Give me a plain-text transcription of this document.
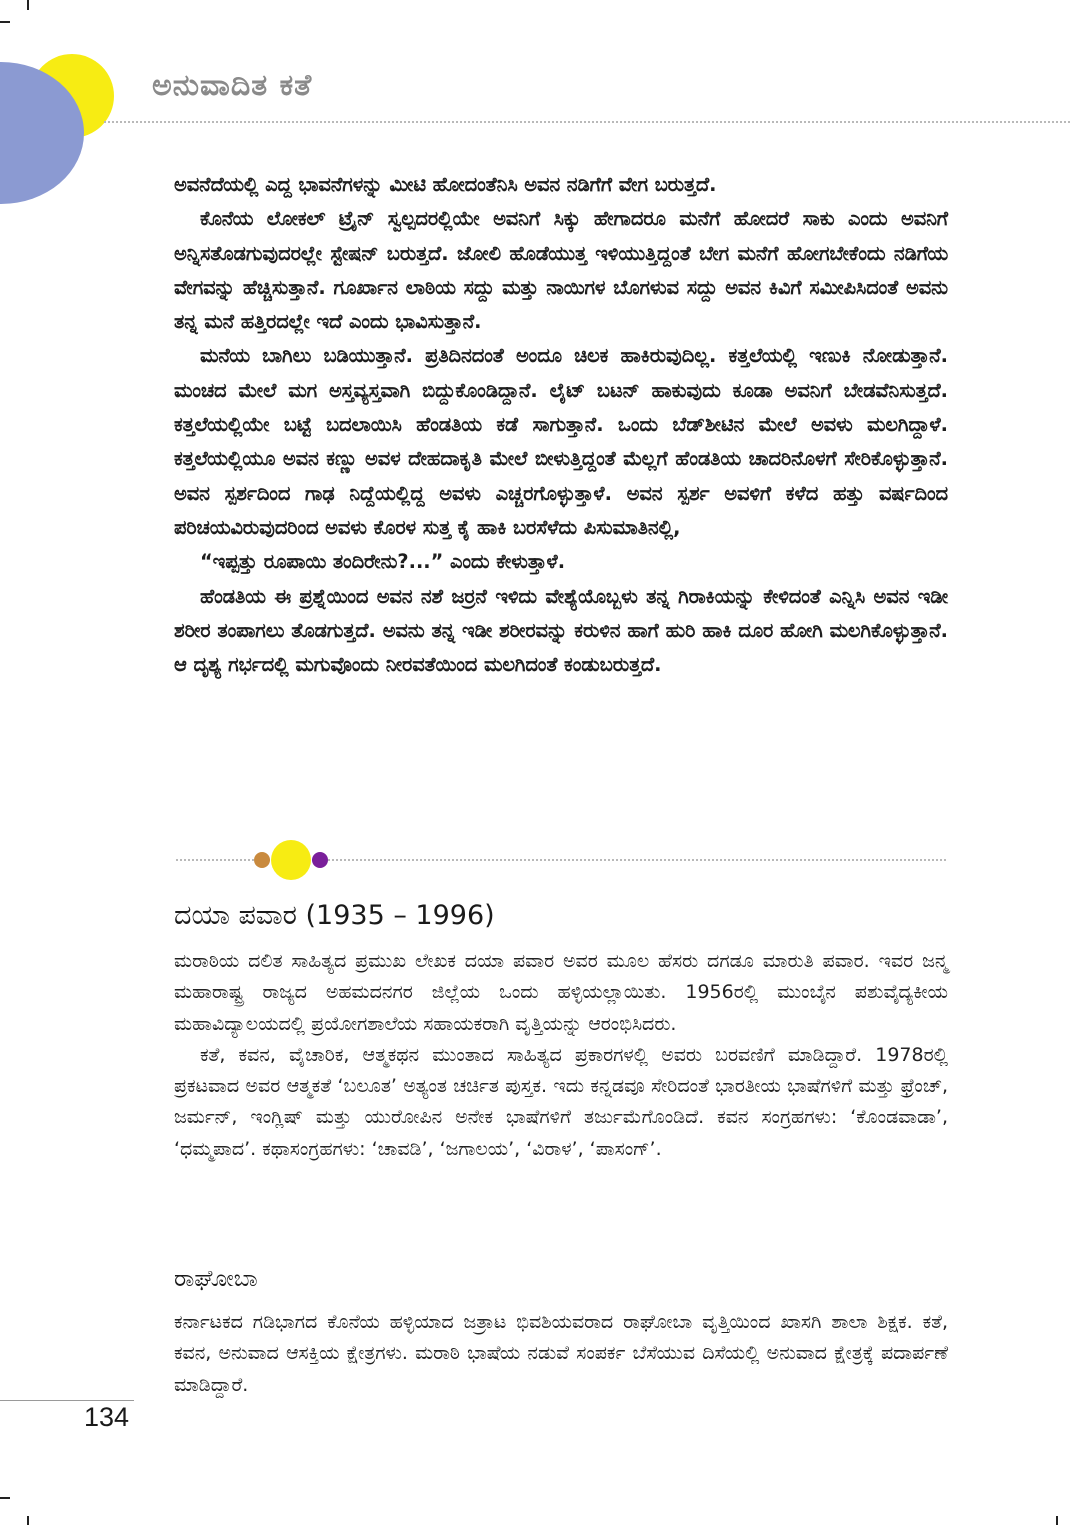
ಅನುವಾದಿತ ಕತೆ

ಅವನೆದೆಯಲ್ಲಿ ಎದ್ದ ಭಾವನೆಗಳನ್ನು ಮೀಟಿ ಹೋದಂತೆನಿಸಿ ಅವನ ನಡಿಗೆಗೆ ವೇಗ ಬರುತ್ತದೆ.

ಕೊನೆಯ ಲೋಕಲ್ ಟ್ರೈನ್ ಸ್ವಲ್ಪದರಲ್ಲಿಯೇ ಅವನಿಗೆ ಸಿಕ್ಕು ಹೇಗಾದರೂ ಮನೆಗೆ ಹೋದರೆ ಸಾಕು ಎಂದು ಅವನಿಗೆ ಅನ್ನಿಸತೊಡಗುವುದರಲ್ಲೇ ಸ್ಟೇಷನ್ ಬರುತ್ತದೆ. ಜೋಲಿ ಹೊಡೆಯುತ್ತ ಇಳಿಯುತ್ತಿದ್ದಂತೆ ಬೇಗ ಮನೆಗೆ ಹೋಗಬೇಕೆಂದು ನಡಿಗೆಯ ವೇಗವನ್ನು ಹೆಚ್ಚಿಸುತ್ತಾನೆ. ಗೂರ್ಖಾನ ಲಾಠಿಯ ಸದ್ದು ಮತ್ತು ನಾಯಿಗಳ ಬೊಗಳುವ ಸದ್ದು ಅವನ ಕಿವಿಗೆ ಸಮೀಪಿಸಿದಂತೆ ಅವನು ತನ್ನ ಮನೆ ಹತ್ತಿರದಲ್ಲೇ ಇದೆ ಎಂದು ಭಾವಿಸುತ್ತಾನೆ.

ಮನೆಯ ಬಾಗಿಲು ಬಡಿಯುತ್ತಾನೆ. ಪ್ರತಿದಿನದಂತೆ ಅಂದೂ ಚಿಲಕ ಹಾಕಿರುವುದಿಲ್ಲ. ಕತ್ತಲೆಯಲ್ಲಿ ಇಣುಕಿ ನೋಡುತ್ತಾನೆ. ಮಂಚದ ಮೇಲೆ ಮಗ ಅಸ್ತವ್ಯಸ್ತವಾಗಿ ಬಿದ್ದುಕೊಂಡಿದ್ದಾನೆ. ಲೈಟ್ ಬಟನ್ ಹಾಕುವುದು ಕೂಡಾ ಅವನಿಗೆ ಬೇಡವೆನಿಸುತ್ತದೆ. ಕತ್ತಲೆಯಲ್ಲಿಯೇ ಬಟ್ಟೆ ಬದಲಾಯಿಸಿ ಹೆಂಡತಿಯ ಕಡೆ ಸಾಗುತ್ತಾನೆ. ಒಂದು ಬೆಡ್‌ಶೀಟಿನ ಮೇಲೆ ಅವಳು ಮಲಗಿದ್ದಾಳೆ. ಕತ್ತಲೆಯಲ್ಲಿಯೂ ಅವನ ಕಣ್ಣು ಅವಳ ದೇಹದಾಕೃತಿ ಮೇಲೆ ಬೀಳುತ್ತಿದ್ದಂತೆ ಮೆಲ್ಲಗೆ ಹೆಂಡತಿಯ ಚಾದರಿನೊಳಗೆ ಸೇರಿಕೊಳ್ಳುತ್ತಾನೆ. ಅವನ ಸ್ಪರ್ಶದಿಂದ ಗಾಢ ನಿದ್ದೆಯಲ್ಲಿದ್ದ ಅವಳು ಎಚ್ಚರಗೊಳ್ಳುತ್ತಾಳೆ. ಅವನ ಸ್ಪರ್ಶ ಅವಳಿಗೆ ಕಳೆದ ಹತ್ತು ವರ್ಷದಿಂದ ಪರಿಚಯವಿರುವುದರಿಂದ ಅವಳು ಕೊರಳ ಸುತ್ತ ಕೈ ಹಾಕಿ ಬರಸೆಳೆದು ಪಿಸುಮಾತಿನಲ್ಲಿ,

“ಇಪ್ಪತ್ತು ರೂಪಾಯಿ ತಂದಿರೇನು?...” ಎಂದು ಕೇಳುತ್ತಾಳೆ.

ಹೆಂಡತಿಯ ಈ ಪ್ರಶ್ನೆಯಿಂದ ಅವನ ನಶೆ ಜರ್‍ರನೆ ಇಳಿದು ವೇಶ್ಯೆಯೊಬ್ಬಳು ತನ್ನ ಗಿರಾಕಿಯನ್ನು ಕೇಳಿದಂತೆ ಎನ್ನಿಸಿ ಅವನ ಇಡೀ ಶರೀರ ತಂಪಾಗಲು ತೊಡಗುತ್ತದೆ. ಅವನು ತನ್ನ ಇಡೀ ಶರೀರವನ್ನು ಕರುಳಿನ ಹಾಗೆ ಹುರಿ ಹಾಕಿ ದೂರ ಹೋಗಿ ಮಲಗಿಕೊಳ್ಳುತ್ತಾನೆ. ಆ ದೃಶ್ಯ ಗರ್ಭದಲ್ಲಿ ಮಗುವೊಂದು ನೀರವತೆಯಿಂದ ಮಲಗಿದಂತೆ ಕಂಡುಬರುತ್ತದೆ.

ದಯಾ ಪವಾರ (1935 – 1996)

ಮರಾಠಿಯ ದಲಿತ ಸಾಹಿತ್ಯದ ಪ್ರಮುಖ ಲೇಖಕ ದಯಾ ಪವಾರ ಅವರ ಮೂಲ ಹೆಸರು ದಗಡೂ ಮಾರುತಿ ಪವಾರ. ಇವರ ಜನ್ಮ ಮಹಾರಾಷ್ಟ್ರ ರಾಜ್ಯದ ಅಹಮದನಗರ ಜಿಲ್ಲೆಯ ಒಂದು ಹಳ್ಳಿಯಲ್ಲಾಯಿತು. 1956ರಲ್ಲಿ ಮುಂಬೈನ ಪಶುವೈದ್ಯಕೀಯ ಮಹಾವಿದ್ಯಾಲಯದಲ್ಲಿ ಪ್ರಯೋಗಶಾಲೆಯ ಸಹಾಯಕರಾಗಿ ವೃತ್ತಿಯನ್ನು ಆರಂಭಿಸಿದರು.

ಕತೆ, ಕವನ, ವೈಚಾರಿಕ, ಆತ್ಮಕಥನ ಮುಂತಾದ ಸಾಹಿತ್ಯದ ಪ್ರಕಾರಗಳಲ್ಲಿ ಅವರು ಬರವಣಿಗೆ ಮಾಡಿದ್ದಾರೆ. 1978ರಲ್ಲಿ ಪ್ರಕಟವಾದ ಅವರ ಆತ್ಮಕತೆ ‘ಬಲೂತ’ ಅತ್ಯಂತ ಚರ್ಚಿತ ಪುಸ್ತಕ. ಇದು ಕನ್ನಡವೂ ಸೇರಿದಂತೆ ಭಾರತೀಯ ಭಾಷೆಗಳಿಗೆ ಮತ್ತು ಫ್ರೆಂಚ್, ಜರ್ಮನ್, ಇಂಗ್ಲಿಷ್ ಮತ್ತು ಯುರೋಪಿನ ಅನೇಕ ಭಾಷೆಗಳಿಗೆ ತರ್ಜುಮೆಗೊಂಡಿದೆ. ಕವನ ಸಂಗ್ರಹಗಳು: ‘ಕೊಂಡವಾಡಾ’, ‘ಧಮ್ಮಪಾದ’. ಕಥಾಸಂಗ್ರಹಗಳು: ‘ಚಾವಡಿ’, ‘ಜಗಾಲಯ’, ‘ವಿರಾಳ’, ‘ಪಾಸಂಗ್’.

ರಾಘೋಬಾ

ಕರ್ನಾಟಕದ ಗಡಿಭಾಗದ ಕೊನೆಯ ಹಳ್ಳಿಯಾದ ಜತ್ರಾಟ ಭಿವಶಿಯವರಾದ ರಾಘೋಬಾ ವೃತ್ತಿಯಿಂದ ಖಾಸಗಿ ಶಾಲಾ ಶಿಕ್ಷಕ. ಕತೆ, ಕವನ, ಅನುವಾದ ಆಸಕ್ತಿಯ ಕ್ಷೇತ್ರಗಳು. ಮರಾಠಿ ಭಾಷೆಯ ನಡುವೆ ಸಂಪರ್ಕ ಬೆಸೆಯುವ ದಿಸೆಯಲ್ಲಿ ಅನುವಾದ ಕ್ಷೇತ್ರಕ್ಕೆ ಪದಾರ್ಪಣೆ ಮಾಡಿದ್ದಾರೆ.

134
